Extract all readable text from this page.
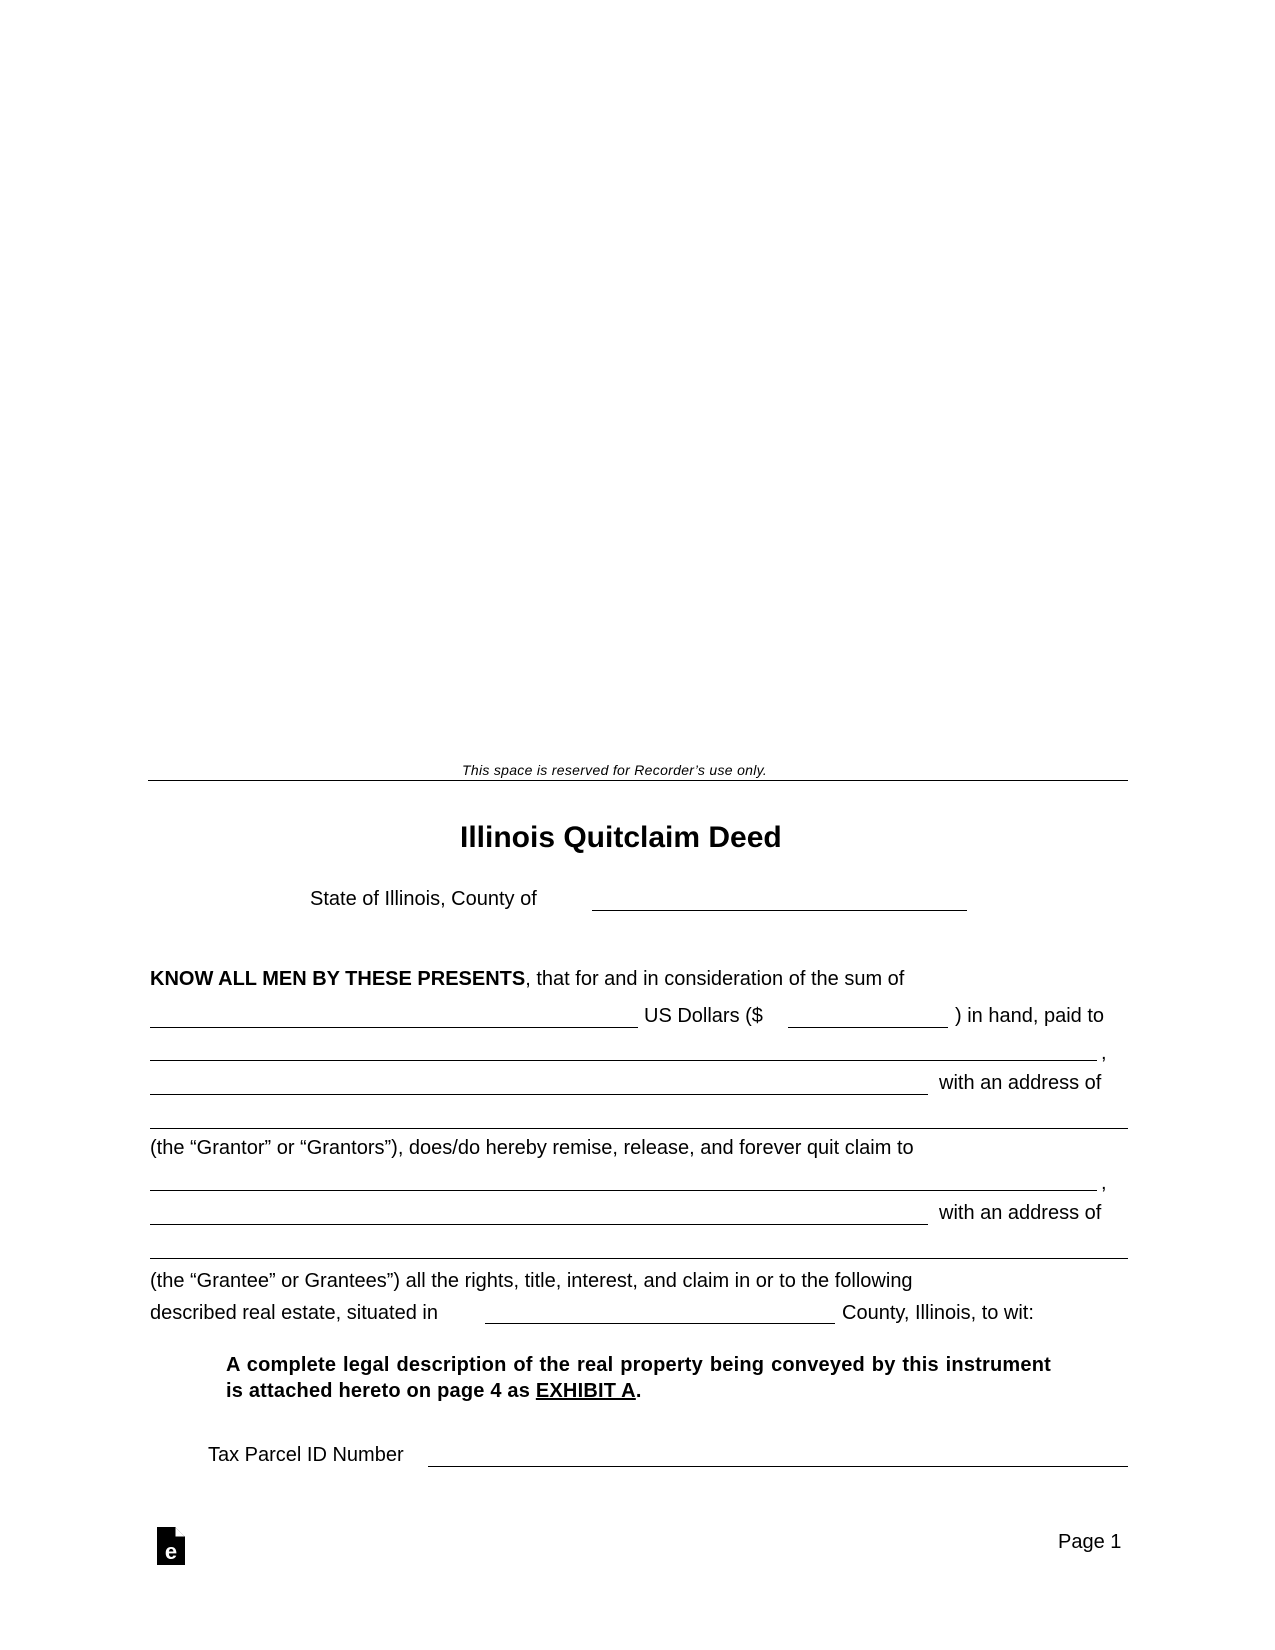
This space is reserved for Recorder’s use only.
Illinois Quitclaim Deed
State of Illinois, County of
KNOW ALL MEN BY THESE PRESENTS, that for and in consideration of the sum of
US Dollars ($	) in hand, paid to
,
with an address of
(the “Grantor” or “Grantors”), does/do hereby remise, release, and forever quit claim to
,
with an address of
(the “Grantee” or Grantees”) all the rights, title, interest, and claim in or to the following
described real estate, situated in	County, Illinois, to wit:
A complete legal description of the real property being conveyed by this instrument is attached hereto on page 4 as EXHIBIT A.
Tax Parcel ID Number
e	Page 1
